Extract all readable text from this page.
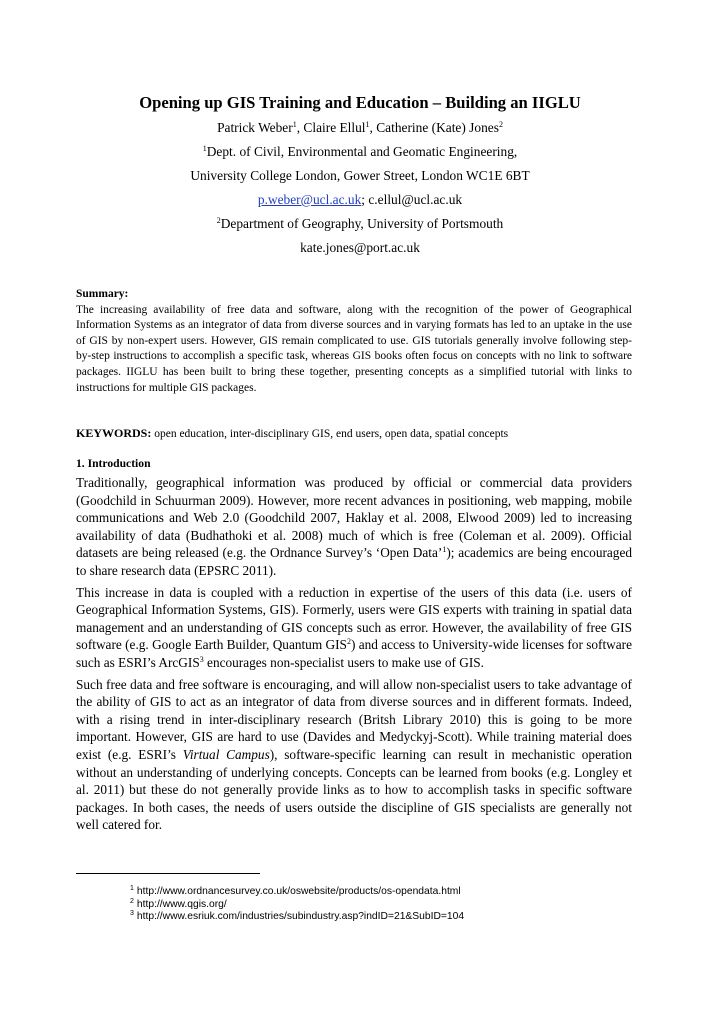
Opening up GIS Training and Education – Building an IIGLU
Patrick Weber$^1$, Claire Ellul$^1$, Catherine (Kate) Jones$^2$
$^1$Dept. of Civil, Environmental and Geomatic Engineering,
University College London, Gower Street, London WC1E 6BT
p.weber@ucl.ac.uk; c.ellul@ucl.ac.uk
$^2$Department of Geography, University of Portsmouth
kate.jones@port.ac.uk
Summary:

The increasing availability of free data and software, along with the recognition of the power of Geographical Information Systems as an integrator of data from diverse sources and in varying formats has led to an uptake in the use of GIS by non-expert users. However, GIS remain complicated to use. GIS tutorials generally involve following step-by-step instructions to accomplish a specific task, whereas GIS books often focus on concepts with no link to software packages. IIGLU has been built to bring these together, presenting concepts as a simplified tutorial with links to instructions for multiple GIS packages.

KEYWORDS: open education, inter-disciplinary GIS, end users, open data, spatial concepts
1. Introduction

Traditionally, geographical information was produced by official or commercial data providers (Goodchild in Schuurman 2009). However, more recent advances in positioning, web mapping, mobile communications and Web 2.0 (Goodchild 2007, Haklay et al. 2008, Elwood 2009) led to increasing availability of data (Budhathoki et al. 2008) much of which is free (Coleman et al. 2009). Official datasets are being released (e.g. the Ordnance Survey’s ‘Open Data’$^1$); academics are being encouraged to share research data (EPSRC 2011).

This increase in data is coupled with a reduction in expertise of the users of this data (i.e. users of Geographical Information Systems, GIS). Formerly, users were GIS experts with training in spatial data management and an understanding of GIS concepts such as error. However, the availability of free GIS software (e.g. Google Earth Builder, Quantum GIS$^2$) and access to University-wide licenses for software such as ESRI’s ArcGIS$^3$ encourages non-specialist users to make use of GIS.

Such free data and free software is encouraging, and will allow non-specialist users to take advantage of the ability of GIS to act as an integrator of data from diverse sources and in different formats. Indeed, with a rising trend in inter-disciplinary research (Britsh Library 2010) this is going to be more important. However, GIS are hard to use (Davides and Medyckyj-Scott). While training material does exist (e.g. ESRI’s Virtual Campus), software-specific learning can result in mechanistic operation without an understanding of underlying concepts. Concepts can be learned from books (e.g. Longley et al. 2011) but these do not generally provide links as to how to accomplish tasks in specific software packages. In both cases, the needs of users outside the discipline of GIS specialists are generally not well catered for.

$^1$ http://www.ordnancesurvey.co.uk/oswebsite/products/os-opendata.html
$^2$ http://www.qgis.org/
$^3$ http://www.esriuk.com/industries/subindustry.asp?indID=21&SubID=104
